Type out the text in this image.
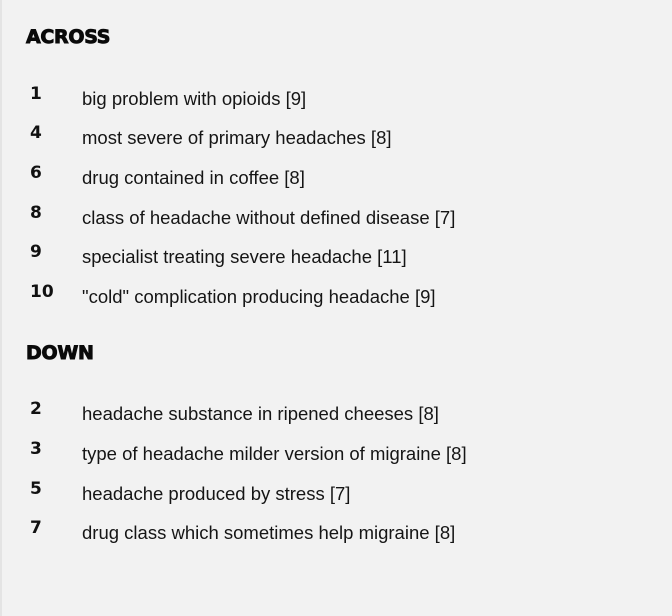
ACROSS
1 big problem with opioids [9]
4 most severe of primary headaches [8]
6 drug contained in coffee [8]
8 class of headache without defined disease [7]
9 specialist treating severe headache [11]
10 "cold" complication producing headache [9]
DOWN
2 headache substance in ripened cheeses [8]
3 type of headache milder version of migraine [8]
5 headache produced by stress [7]
7 drug class which sometimes help migraine [8]
